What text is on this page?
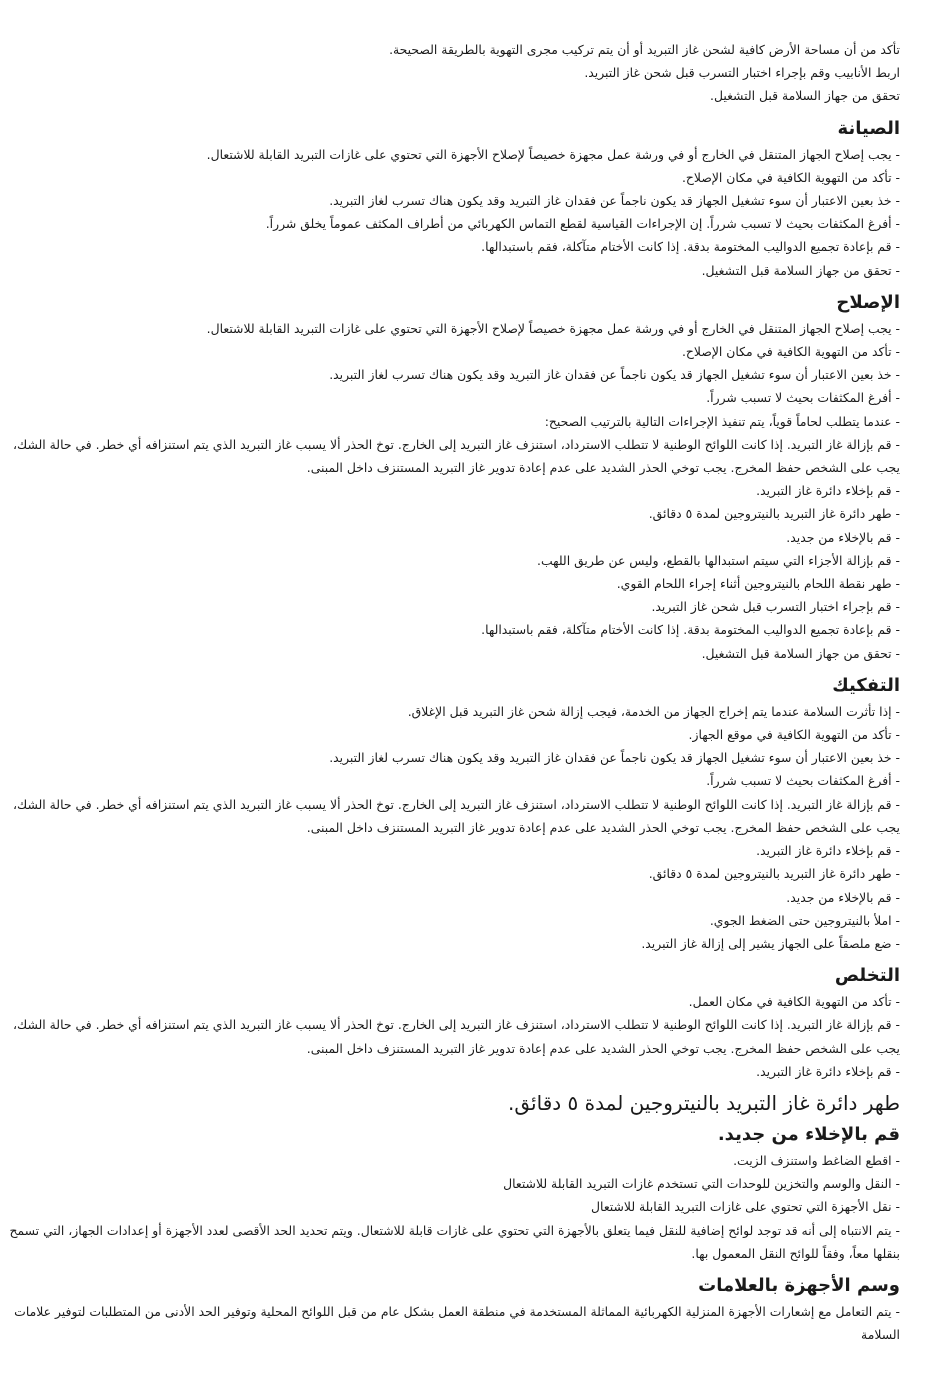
تأكد من أن مساحة الأرض كافية لشحن غاز التبريد أو أن يتم تركيب مجرى التهوية بالطريقة الصحيحة.

اربط الأنابيب وقم بإجراء اختبار التسرب قبل شحن غاز التبريد.

تحقق من جهاز السلامة قبل التشغيل.

الصيانة

- يجب إصلاح الجهاز المتنقل في الخارج أو في ورشة عمل مجهزة خصيصاً لإصلاح الأجهزة التي تحتوي على غازات التبريد القابلة للاشتعال.

- تأكد من التهوية الكافية في مكان الإصلاح.

- خذ بعين الاعتبار أن سوء تشغيل الجهاز قد يكون ناجماً عن فقدان غاز التبريد وقد يكون هناك تسرب لغاز التبريد.

- أفرغ المكثفات بحيث لا تسبب شرراً. إن الإجراءات القياسية لقطع التماس الكهربائي من أطراف المكثف عموماً يخلق شرراً.

- قم بإعادة تجميع الدواليب المختومة بدقة. إذا كانت الأختام متآكلة، فقم باستبدالها.

- تحقق من جهاز السلامة قبل التشغيل.

الإصلاح

- يجب إصلاح الجهاز المتنقل في الخارج أو في ورشة عمل مجهزة خصيصاً لإصلاح الأجهزة التي تحتوي على غازات التبريد القابلة للاشتعال.

- تأكد من التهوية الكافية في مكان الإصلاح.

- خذ بعين الاعتبار أن سوء تشغيل الجهاز قد يكون ناجماً عن فقدان غاز التبريد وقد يكون هناك تسرب لغاز التبريد.

- أفرغ المكثفات بحيث لا تسبب شرراً.

- عندما يتطلب لحاماً قوياً، يتم تنفيذ الإجراءات التالية بالترتيب الصحيح:

- قم بإزالة غاز التبريد. إذا كانت اللوائح الوطنية لا تتطلب الاسترداد، استنزف غاز التبريد إلى الخارج. توخ الحذر ألا يسبب غاز التبريد الذي يتم استنزافه أي خطر. في حالة الشك، يجب على الشخص حفظ المخرج. يجب توخي الحذر الشديد على عدم إعادة تدوير غاز التبريد المستنزف داخل المبنى.

- قم بإخلاء دائرة غاز التبريد.

- طهر دائرة غاز التبريد بالنيتروجين لمدة ٥ دقائق.

- قم بالإخلاء من جديد.

- قم بإزالة الأجزاء التي سيتم استبدالها بالقطع، وليس عن طريق اللهب.

- طهر نقطة اللحام بالنيتروجين أثناء إجراء اللحام القوي.

- قم بإجراء اختبار التسرب قبل شحن غاز التبريد.

- قم بإعادة تجميع الدواليب المختومة بدقة. إذا كانت الأختام متآكلة، فقم باستبدالها.

- تحقق من جهاز السلامة قبل التشغيل.

التفكيك

- إذا تأثرت السلامة عندما يتم إخراج الجهاز من الخدمة، فيجب إزالة شحن غاز التبريد قبل الإغلاق.

- تأكد من التهوية الكافية في موقع الجهاز.

- خذ بعين الاعتبار أن سوء تشغيل الجهاز قد يكون ناجماً عن فقدان غاز التبريد وقد يكون هناك تسرب لغاز التبريد.

- أفرغ المكثفات بحيث لا تسبب شرراً.

- قم بإزالة غاز التبريد. إذا كانت اللوائح الوطنية لا تتطلب الاسترداد، استنزف غاز التبريد إلى الخارج. توخ الحذر ألا يسبب غاز التبريد الذي يتم استنزافه أي خطر. في حالة الشك، يجب على الشخص حفظ المخرج. يجب توخي الحذر الشديد على عدم إعادة تدوير غاز التبريد المستنزف داخل المبنى.

- قم بإخلاء دائرة غاز التبريد.

- طهر دائرة غاز التبريد بالنيتروجين لمدة ٥ دقائق.

- قم بالإخلاء من جديد.

- املأ بالنيتروجين حتى الضغط الجوي.

- ضع ملصقاً على الجهاز يشير إلى إزالة غاز التبريد.

التخلص

- تأكد من التهوية الكافية في مكان العمل.

- قم بإزالة غاز التبريد. إذا كانت اللوائح الوطنية لا تتطلب الاسترداد، استنزف غاز التبريد إلى الخارج. توخ الحذر ألا يسبب غاز التبريد الذي يتم استنزافه أي خطر. في حالة الشك، يجب على الشخص حفظ المخرج. يجب توخي الحذر الشديد على عدم إعادة تدوير غاز التبريد المستنزف داخل المبنى.

- قم بإخلاء دائرة غاز التبريد.

طهر دائرة غاز التبريد بالنيتروجين لمدة ٥ دقائق.
قم بالإخلاء من جديد.

- اقطع الضاغط واستنزف الزيت.

- النقل والوسم والتخزين للوحدات التي تستخدم غازات التبريد القابلة للاشتعال

- نقل الأجهزة التي تحتوي على غازات التبريد القابلة للاشتعال

- يتم الانتباه إلى أنه قد توجد لوائح إضافية للنقل فيما يتعلق بالأجهزة التي تحتوي على غازات قابلة للاشتعال. ويتم تحديد الحد الأقصى لعدد الأجهزة أو إعدادات الجهاز، التي تسمح بنقلها معاً، وفقاً للوائح النقل المعمول بها.

وسم الأجهزة بالعلامات

- يتم التعامل مع إشعارات الأجهزة المنزلية الكهربائية المماثلة المستخدمة في منطقة العمل بشكل عام من قبل اللوائح المحلية وتوفير الحد الأدنى من المتطلبات لتوفير علامات السلامة
